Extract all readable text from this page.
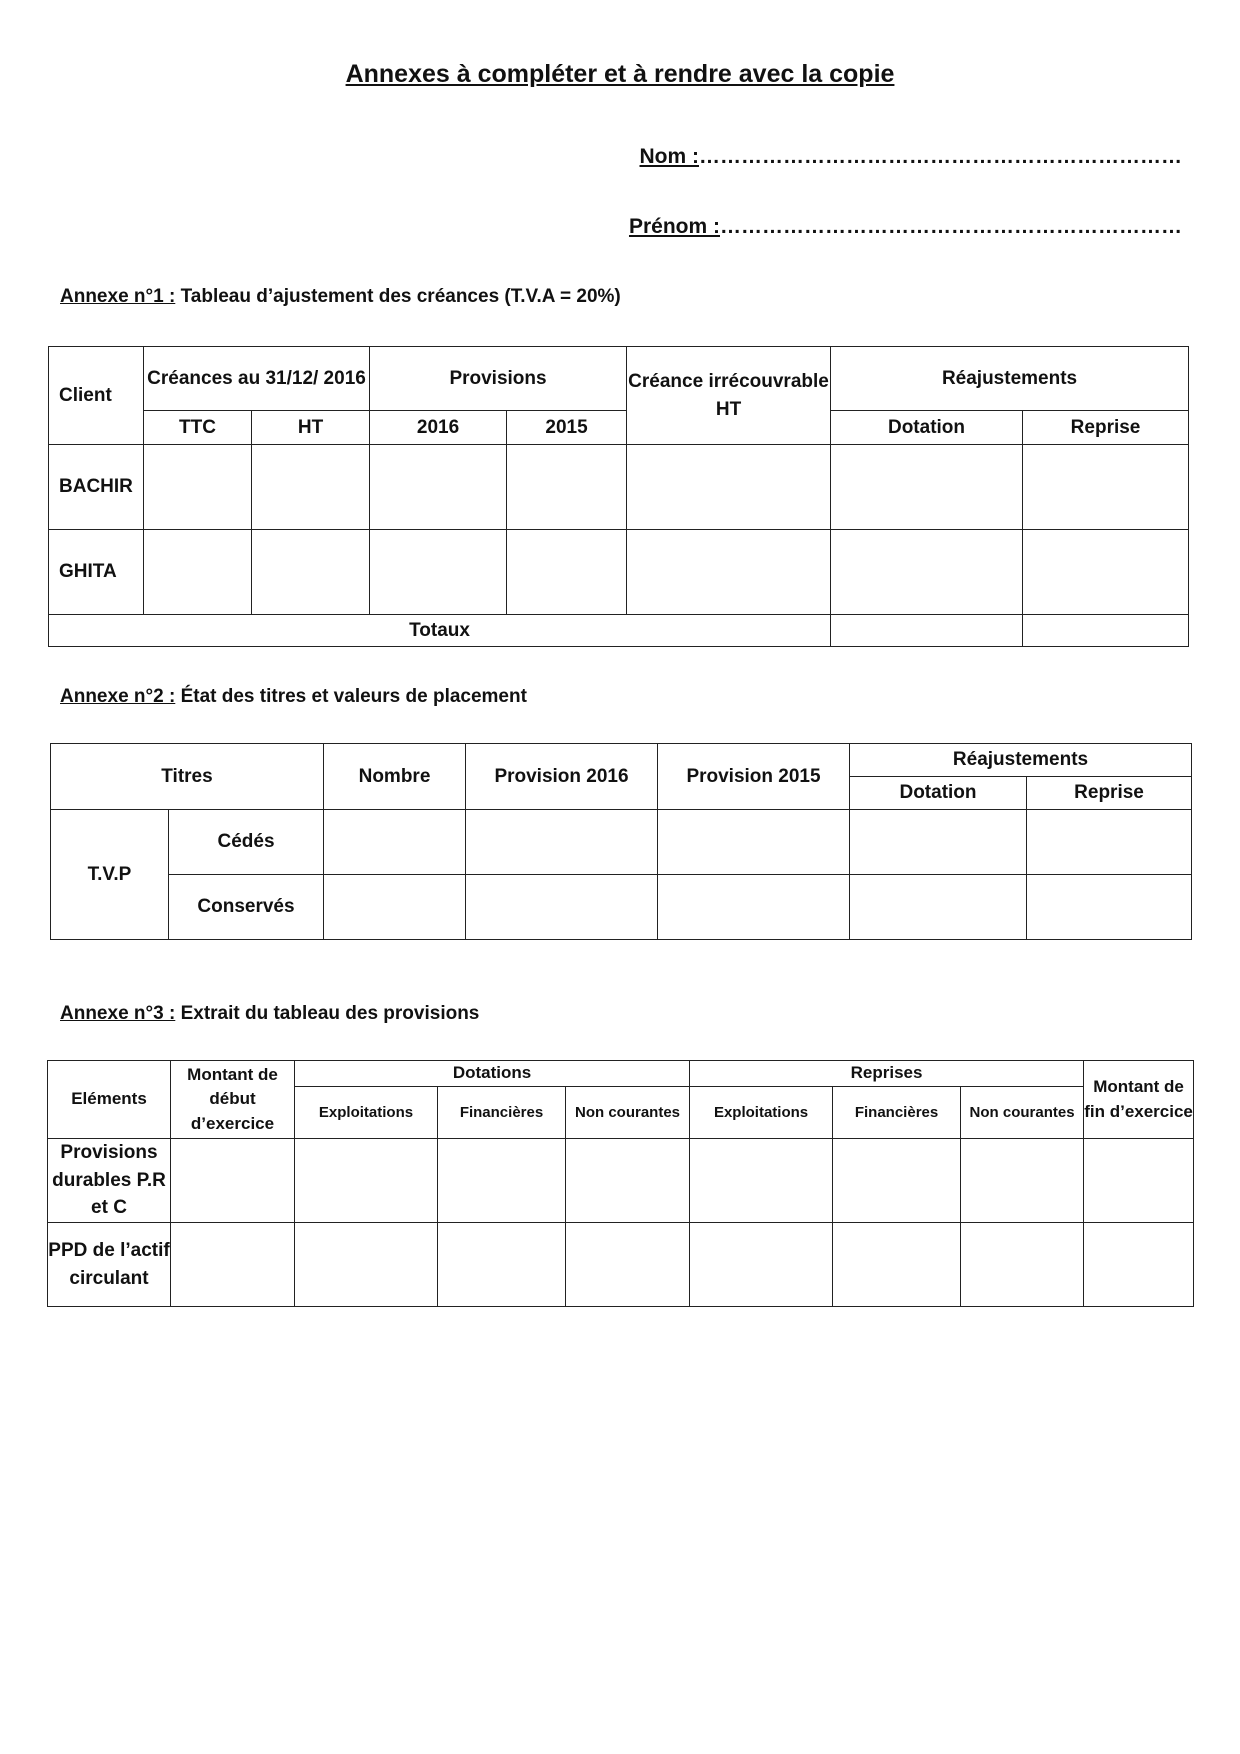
Annexes à compléter et à rendre avec la copie
Nom :……………………………………………………………
Prénom :…………………………………………………………
Annexe n°1 : Tableau d’ajustement des créances (T.V.A = 20%)
Client	Créances au 31/12/ 2016		Provisions		Créance irrécouvrable HT	Réajustements	
	TTC	HT	2016	2015		Dotation	Reprise
BACHIR							
GHITA							
Totaux							
Annexe n°2 : État des titres et valeurs de placement
Titres		Nombre	Provision 2016	Provision 2015	Réajustements	
					Dotation	Reprise
T.V.P	Cédés					
	Conservés					
Annexe n°3 : Extrait du tableau des provisions
Eléments	Montant de début d’exercice	Dotations			Reprises			Montant de fin d’exercice
		Exploitations	Financières	Non courantes	Exploitations	Financières	Non courantes	
Provisions durables P.R et C								
PPD de l’actif circulant								
